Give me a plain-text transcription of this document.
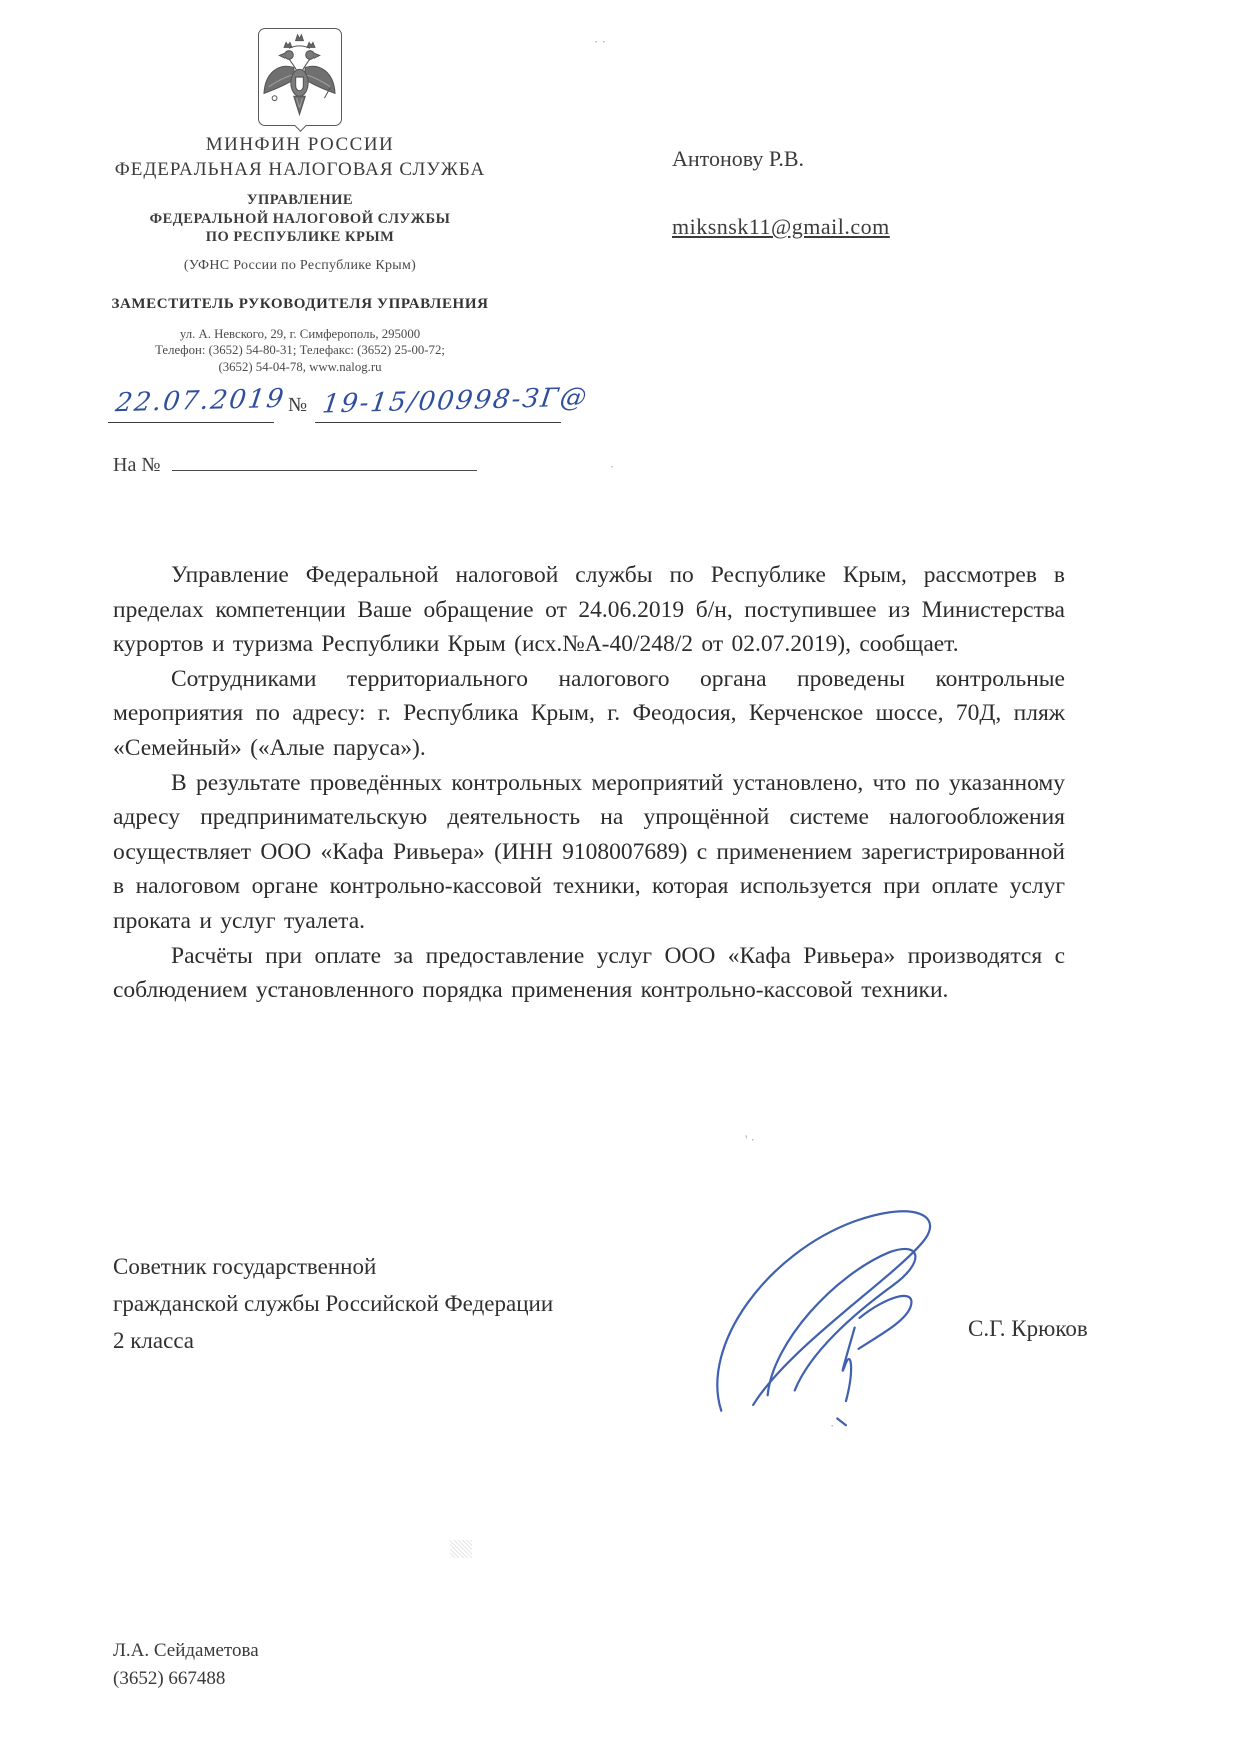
МИНФИН РОССИИ
ФЕДЕРАЛЬНАЯ НАЛОГОВАЯ СЛУЖБА
УПРАВЛЕНИЕ
ФЕДЕРАЛЬНОЙ НАЛОГОВОЙ СЛУЖБЫ
ПО РЕСПУБЛИКЕ КРЫМ
(УФНС России по Республике Крым)
ЗАМЕСТИТЕЛЬ РУКОВОДИТЕЛЯ УПРАВЛЕНИЯ
ул. А. Невского, 29, г. Симферополь, 295000
Телефон: (3652) 54-80-31; Телефакс: (3652) 25-00-72;
(3652) 54-04-78, www.nalog.ru
Антонову Р.В.
miksnsk11@gmail.com
22.07.2019№ 19-15/00998-ЗГ@
На №

Управление Федеральной налоговой службы по Республике Крым, рассмотрев в пределах компетенции Ваше обращение от 24.06.2019 б/н, поступившее из Министерства курортов и туризма Республики Крым (исх.№А-40/248/2 от 02.07.2019), сообщает.

Сотрудниками территориального налогового органа проведены контрольные мероприятия по адресу: г. Республика Крым, г. Феодосия, Керченское шоссе, 70Д, пляж «Семейный» («Алые паруса»).

В результате проведённых контрольных мероприятий установлено, что по указанному адресу предпринимательскую деятельность на упрощённой системе налогообложения осуществляет ООО «Кафа Ривьера» (ИНН 9108007689) с применением зарегистрированной в налоговом органе контрольно-кассовой техники, которая используется при оплате услуг проката и услуг туалета.

Расчёты при оплате за предоставление услуг ООО «Кафа Ривьера» производятся с соблюдением установленного порядка применения контрольно-кассовой техники.

Советник государственной
гражданской службы Российской Федерации
2 класса	С.Г. Крюков
Л.А. Сейдаметова
(3652) 667488
· ·
·
' ·
·
